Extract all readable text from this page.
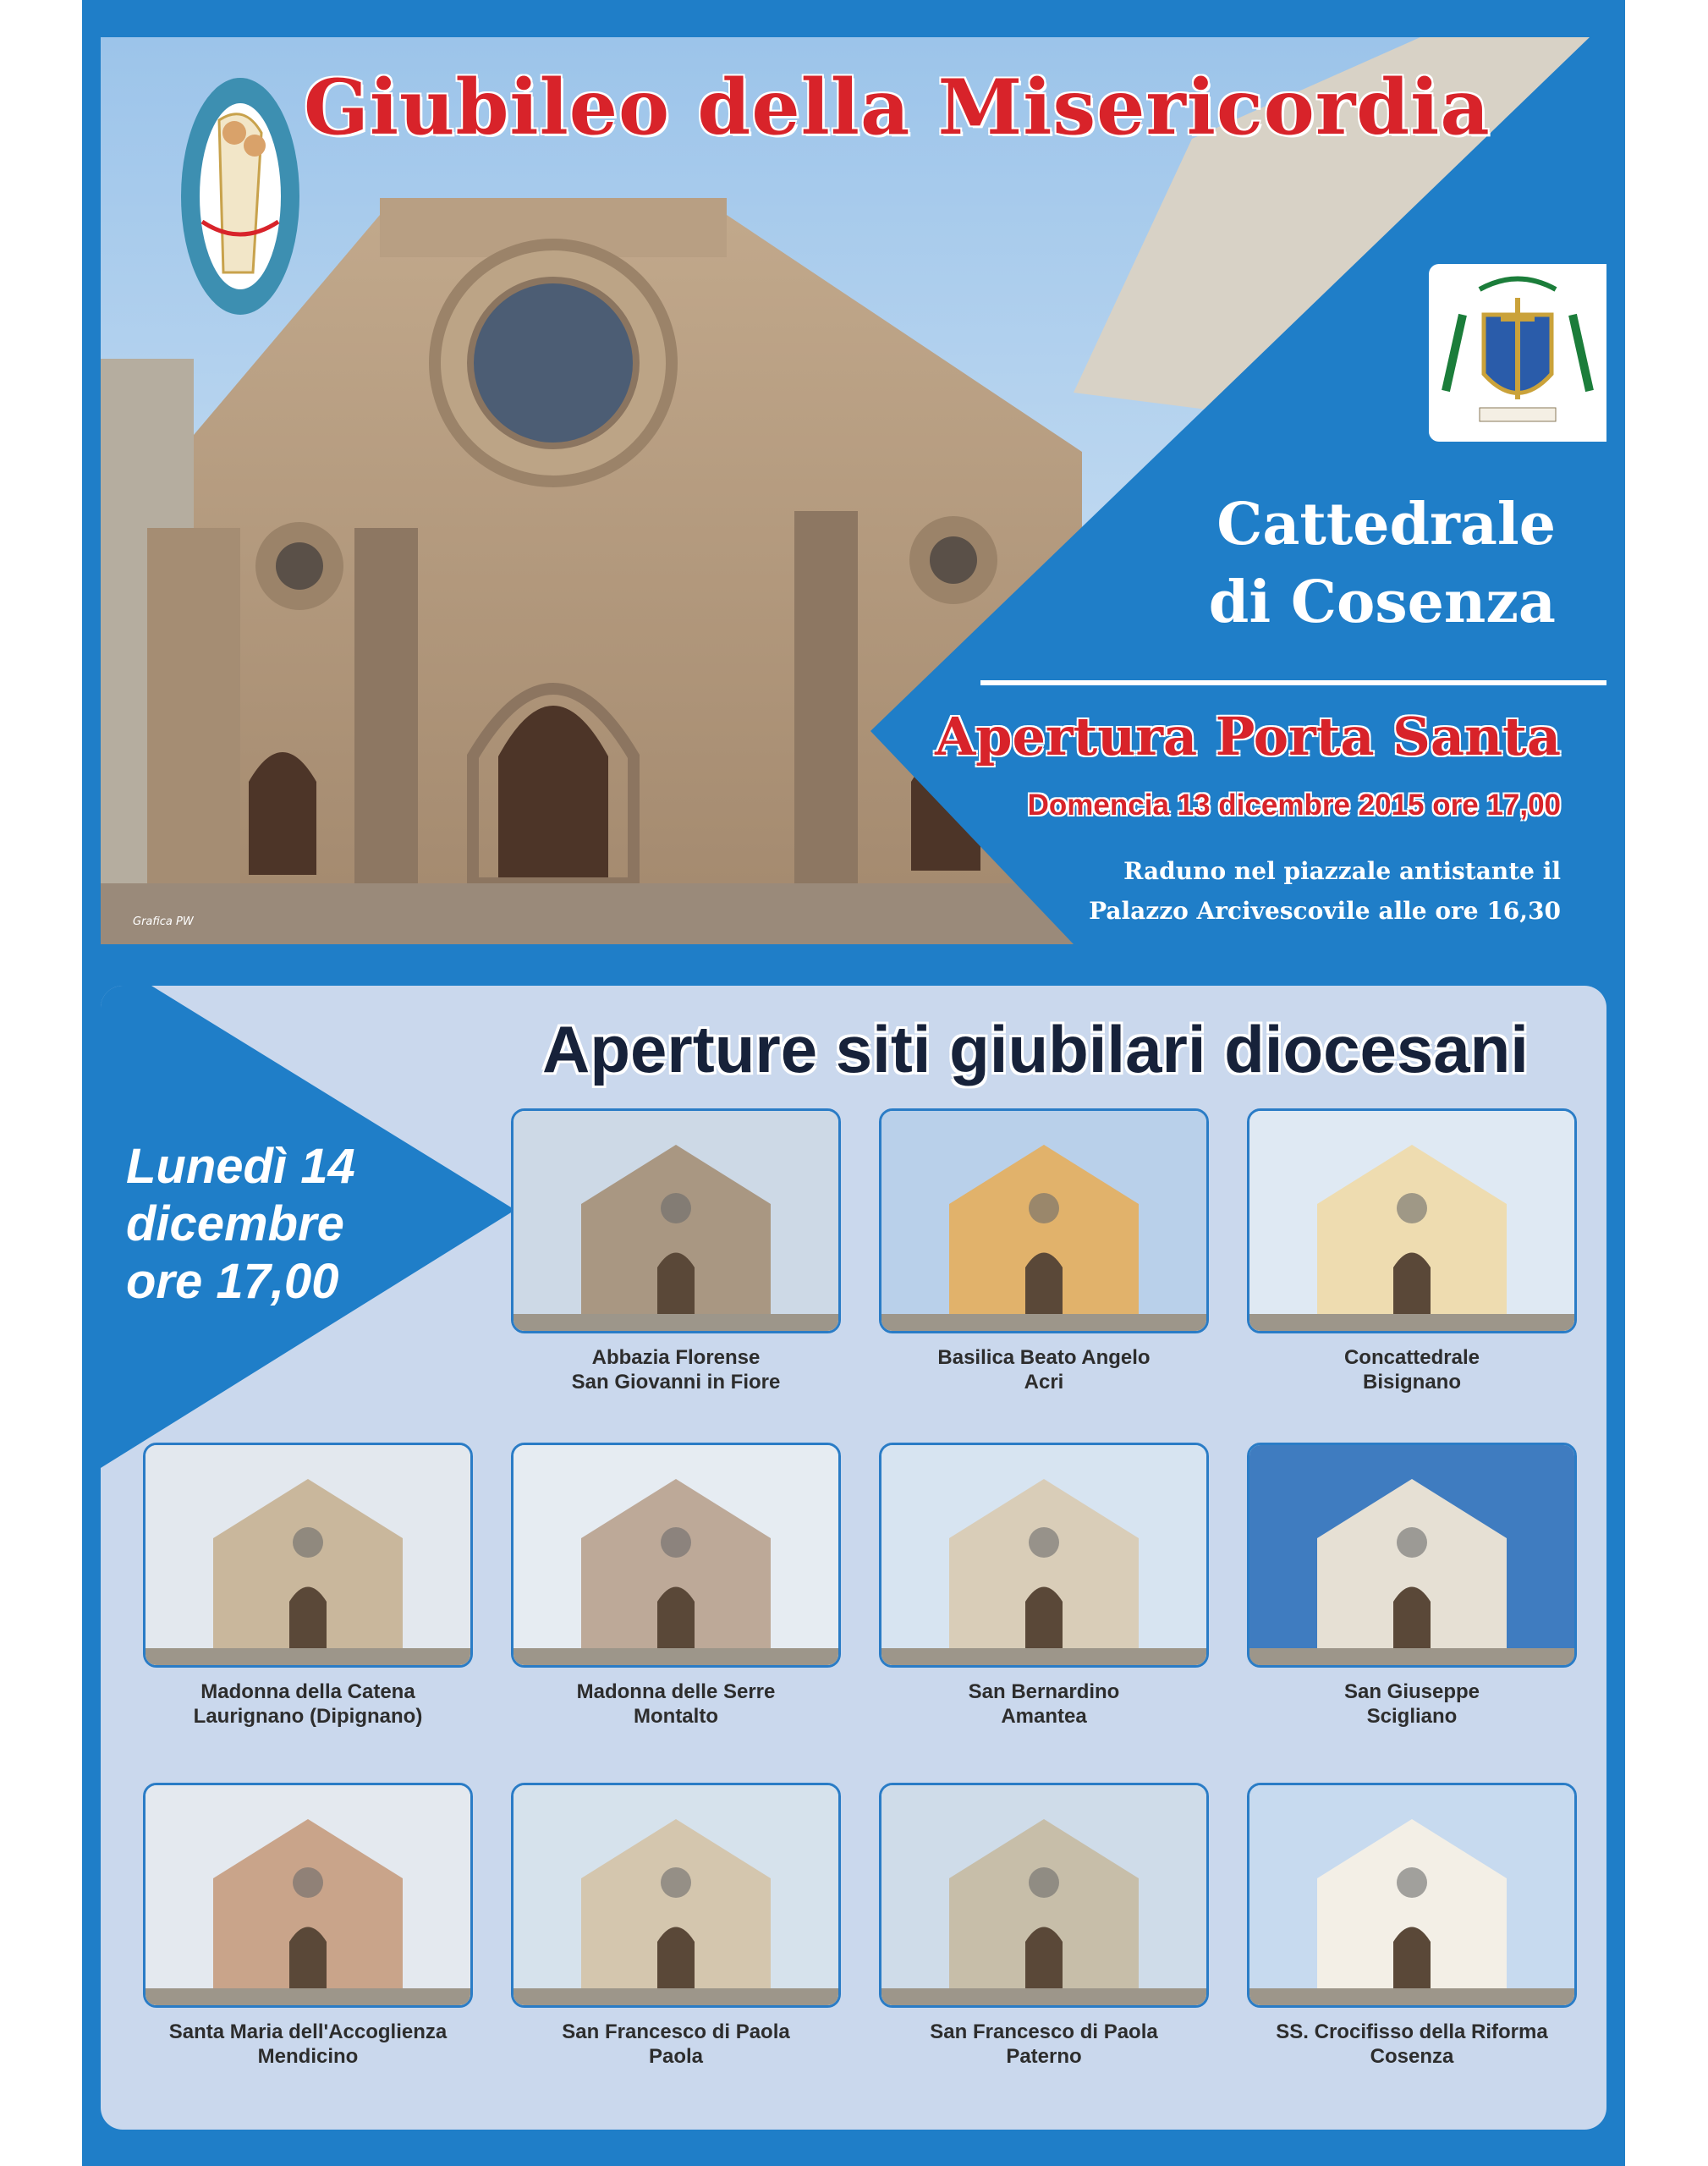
Giubileo della Misericordia
Cattedrale
di Cosenza
Apertura Porta Santa
Domencia 13 dicembre 2015 ore 17,00
Raduno nel piazzale antistante il
Palazzo Arcivescovile alle ore 16,30
Grafica PW
Aperture siti giubilari diocesani
Lunedì 14
dicembre
ore 17,00
Abbazia Florense
San Giovanni in Fiore
Basilica Beato Angelo
Acri
Concattedrale
Bisignano
Madonna della Catena
Laurignano (Dipignano)
Madonna delle Serre
Montalto
San Bernardino
Amantea
San Giuseppe
Scigliano
Santa Maria dell'Accoglienza
Mendicino
San Francesco di Paola
Paola
San Francesco di Paola
Paterno
SS. Crocifisso della Riforma
Cosenza
